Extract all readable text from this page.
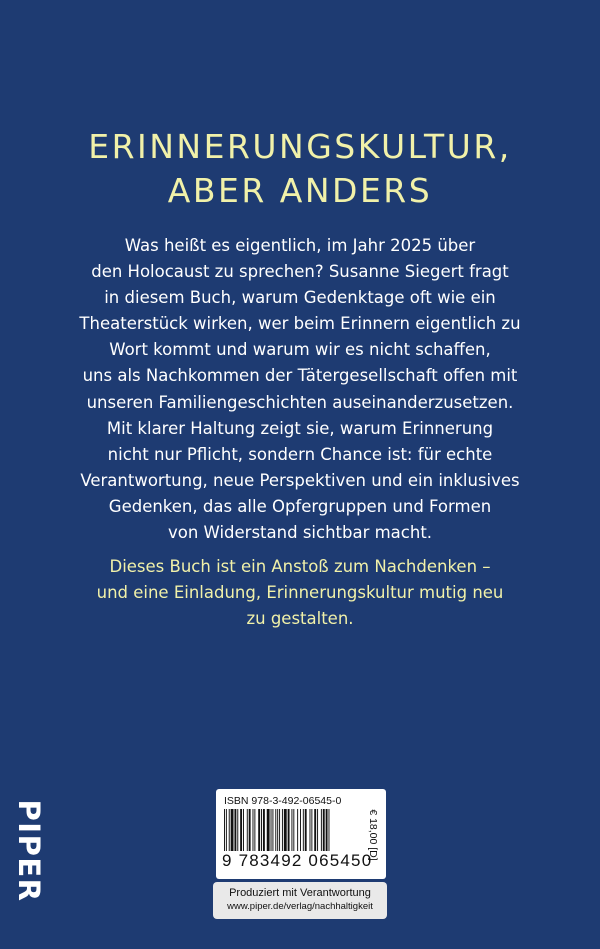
ERINNERUNGSKULTUR,
ABER ANDERS
Was heißt es eigentlich, im Jahr 2025 über
den Holocaust zu sprechen? Susanne Siegert fragt
in diesem Buch, warum Gedenktage oft wie ein
Theaterstück wirken, wer beim Erinnern eigentlich zu
Wort kommt und warum wir es nicht schaffen,
uns als Nachkommen der Tätergesellschaft offen mit
unseren Familiengeschichten auseinanderzusetzen.
Mit klarer Haltung zeigt sie, warum Erinnerung
nicht nur Pflicht, sondern Chance ist: für echte
Verantwortung, neue Perspektiven und ein inklusives
Gedenken, das alle Opfergruppen und Formen
von Widerstand sichtbar macht.
Dieses Buch ist ein Anstoß zum Nachdenken –
und eine Einladung, Erinnerungskultur mutig neu
zu gestalten.
PIPER	ISBN 978-3-492-06545-0
9 783492 065450
€ 18,00 [D]
Produziert mit Verantwortung
www.piper.de/verlag/nachhaltigkeit
